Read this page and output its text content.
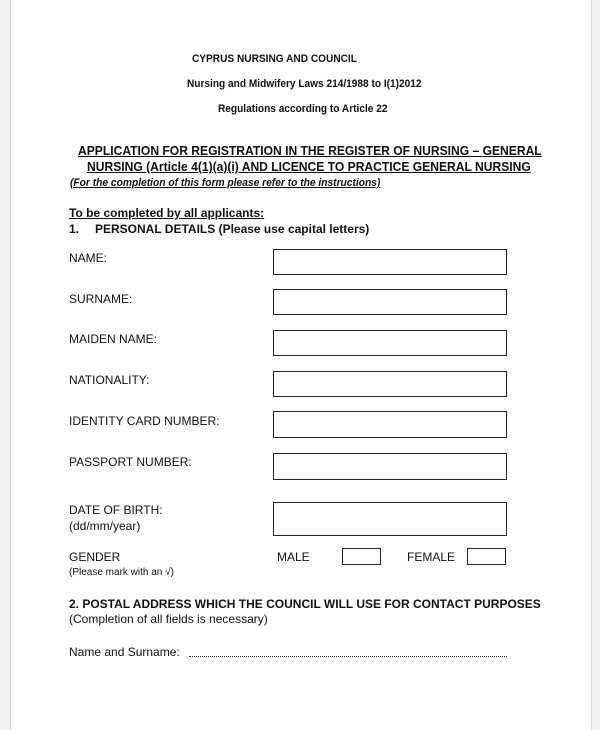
CYPRUS NURSING AND COUNCIL
Nursing and Midwifery Laws 214/1988 to I(1)2012
Regulations according to Article 22
APPLICATION FOR REGISTRATION IN THE REGISTER OF NURSING – GENERAL
NURSING (Article 4(1)(a)(i) AND LICENCE TO PRACTICE GENERAL NURSING
(For the completion of this form please refer to the instructions)
To be completed by all applicants:
1. PERSONAL DETAILS (Please use capital letters)
NAME:
SURNAME:
MAIDEN NAME:
NATIONALITY:
IDENTITY CARD NUMBER:
PASSPORT NUMBER:
DATE OF BIRTH:
(dd/mm/year)
GENDER
(Please mark with an √)
MALE	FEMALE
2. POSTAL ADDRESS WHICH THE COUNCIL WILL USE FOR CONTACT PURPOSES
(Completion of all fields is necessary)
Name and Surname:
